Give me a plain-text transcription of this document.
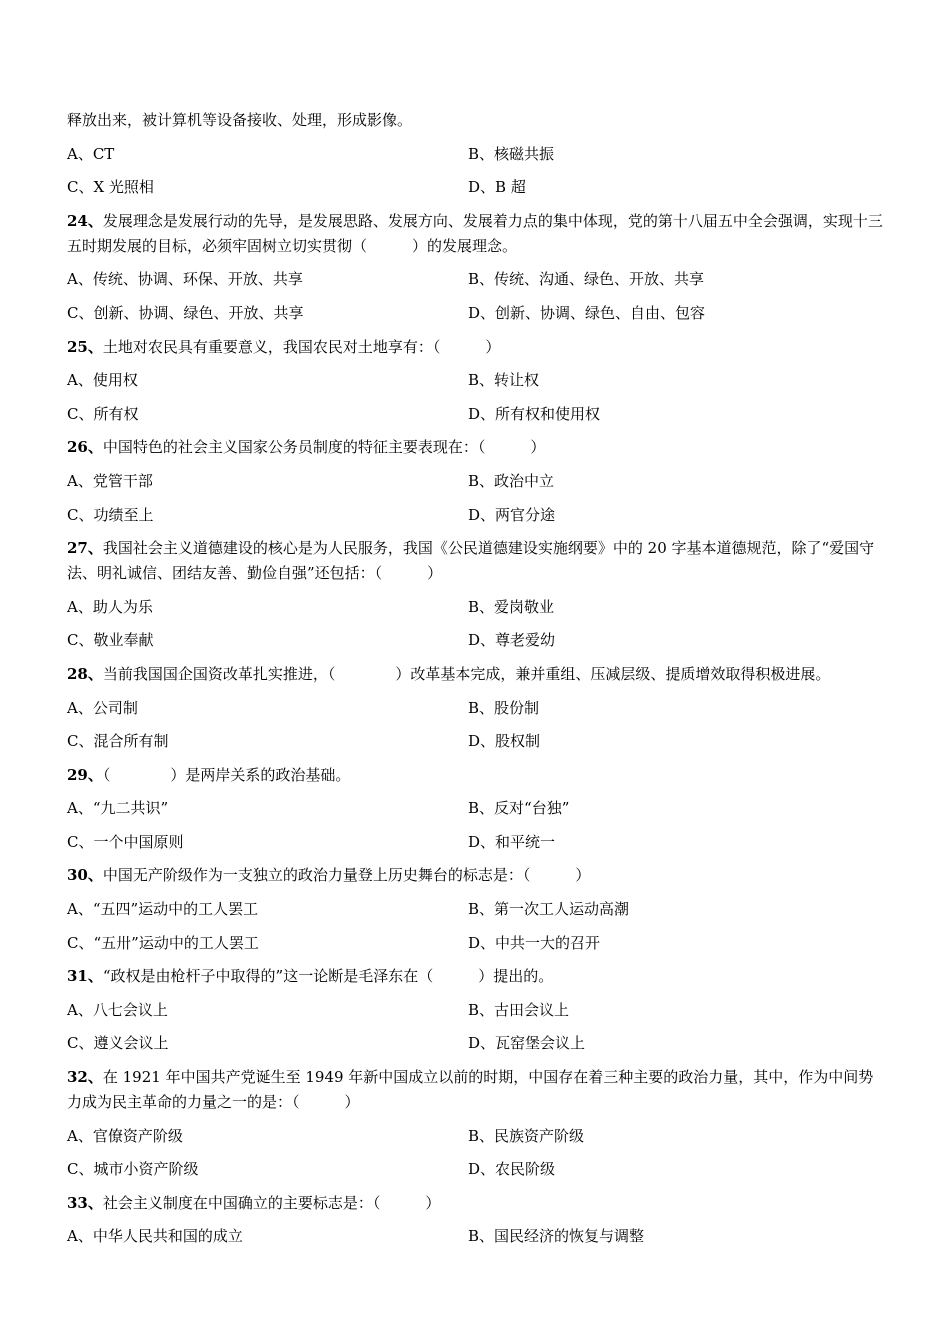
释放出来，被计算机等设备接收、处理，形成影像。
A、CT	B、核磁共振
C、X 光照相	D、B 超
24、发展理念是发展行动的先导，是发展思路、发展方向、发展着力点的集中体现，党的第十八届五中全会强调，实现十三五时期发展的目标，必须牢固树立切实贯彻（　　　）的发展理念。
A、传统、协调、环保、开放、共享	B、传统、沟通、绿色、开放、共享
C、创新、协调、绿色、开放、共享	D、创新、协调、绿色、自由、包容
25、土地对农民具有重要意义，我国农民对土地享有：（　　　）
A、使用权	B、转让权
C、所有权	D、所有权和使用权
26、中国特色的社会主义国家公务员制度的特征主要表现在：（　　　）
A、党管干部	B、政治中立
C、功绩至上	D、两官分途
27、我国社会主义道德建设的核心是为人民服务，我国《公民道德建设实施纲要》中的 20 字基本道德规范，除了“爱国守法、明礼诚信、团结友善、勤俭自强”还包括：（　　　）
A、助人为乐	B、爱岗敬业
C、敬业奉献	D、尊老爱幼
28、当前我国国企国资改革扎实推进，（　　　　）改革基本完成，兼并重组、压减层级、提质增效取得积极进展。
A、公司制	B、股份制
C、混合所有制	D、股权制
29、（　　　　）是两岸关系的政治基础。
A、“九二共识”	B、反对“台独”
C、一个中国原则	D、和平统一
30、中国无产阶级作为一支独立的政治力量登上历史舞台的标志是：（　　　）
A、“五四”运动中的工人罢工	B、第一次工人运动高潮
C、“五卅”运动中的工人罢工	D、中共一大的召开
31、“政权是由枪杆子中取得的”这一论断是毛泽东在（　　　）提出的。
A、八七会议上	B、古田会议上
C、遵义会议上	D、瓦窑堡会议上
32、在 1921 年中国共产党诞生至 1949 年新中国成立以前的时期，中国存在着三种主要的政治力量，其中，作为中间势力成为民主革命的力量之一的是：（　　　）
A、官僚资产阶级	B、民族资产阶级
C、城市小资产阶级	D、农民阶级
33、社会主义制度在中国确立的主要标志是：（　　　）
A、中华人民共和国的成立	B、国民经济的恢复与调整
